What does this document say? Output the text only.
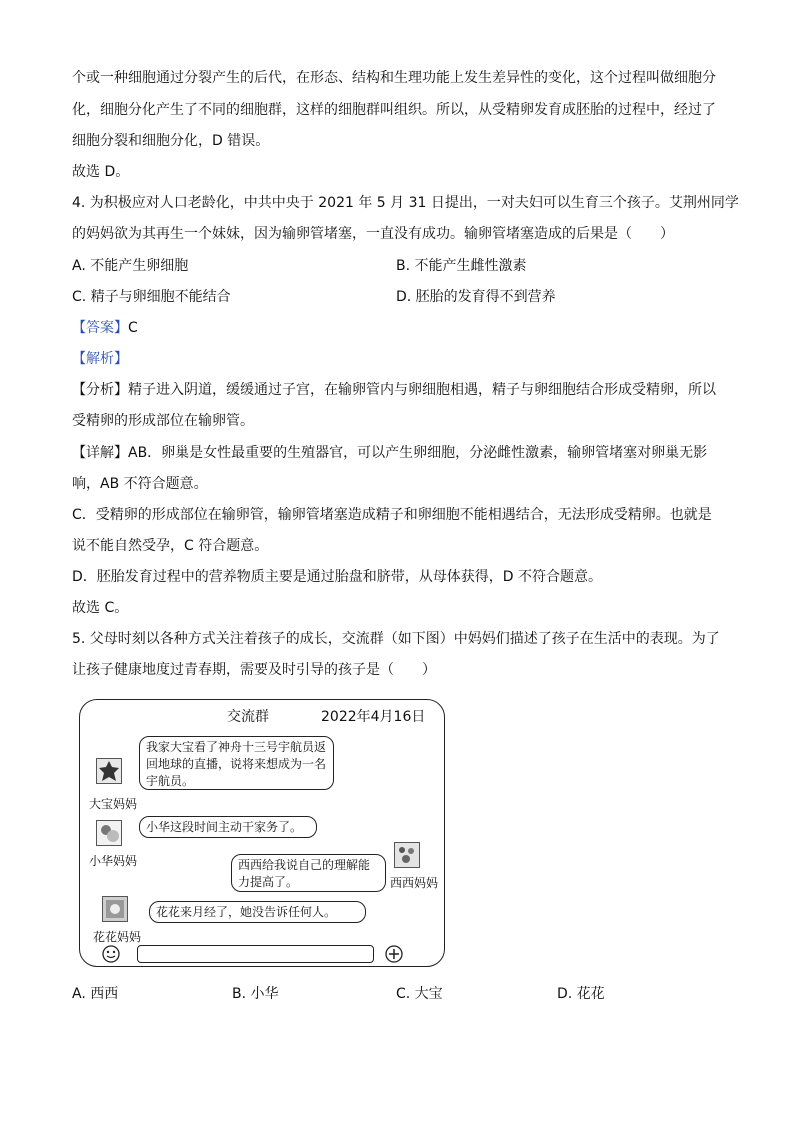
个或一种细胞通过分裂产生的后代，在形态、结构和生理功能上发生差异性的变化，这个过程叫做细胞分
化，细胞分化产生了不同的细胞群，这样的细胞群叫组织。所以，从受精卵发育成胚胎的过程中，经过了
细胞分裂和细胞分化，D 错误。
故选 D。
4. 为积极应对人口老龄化，中共中央于 2021 年 5 月 31 日提出，一对夫妇可以生育三个孩子。艾荆州同学
的妈妈欲为其再生一个妹妹，因为输卵管堵塞，一直没有成功。输卵管堵塞造成的后果是（　　）
A. 不能产生卵细胞	B. 不能产生雌性激素
C. 精子与卵细胞不能结合	D. 胚胎的发育得不到营养
【答案】C
【解析】
【分析】精子进入阴道，缓缓通过子宫，在输卵管内与卵细胞相遇，精子与卵细胞结合形成受精卵，所以
受精卵的形成部位在输卵管。
【详解】AB．卵巢是女性最重要的生殖器官，可以产生卵细胞，分泌雌性激素，输卵管堵塞对卵巢无影
响，AB 不符合题意。
C．受精卵的形成部位在输卵管，输卵管堵塞造成精子和卵细胞不能相遇结合，无法形成受精卵。也就是
说不能自然受孕，C 符合题意。
D．胚胎发育过程中的营养物质主要是通过胎盘和脐带，从母体获得，D 不符合题意。
故选 C。
5. 父母时刻以各种方式关注着孩子的成长，交流群（如下图）中妈妈们描述了孩子在生活中的表现。为了
让孩子健康地度过青春期，需要及时引导的孩子是（　　）
交流群	2022年4月16日
大宝妈妈
我家大宝看了神舟十三号宇航员返回地球的直播，说将来想成为一名宇航员。
小华妈妈
小华这段时间主动干家务了。
西西妈妈
西西给我说自己的理解能力提高了。
花花妈妈
花花来月经了，她没告诉任何人。
A. 西西	B. 小华	C. 大宝	D. 花花
